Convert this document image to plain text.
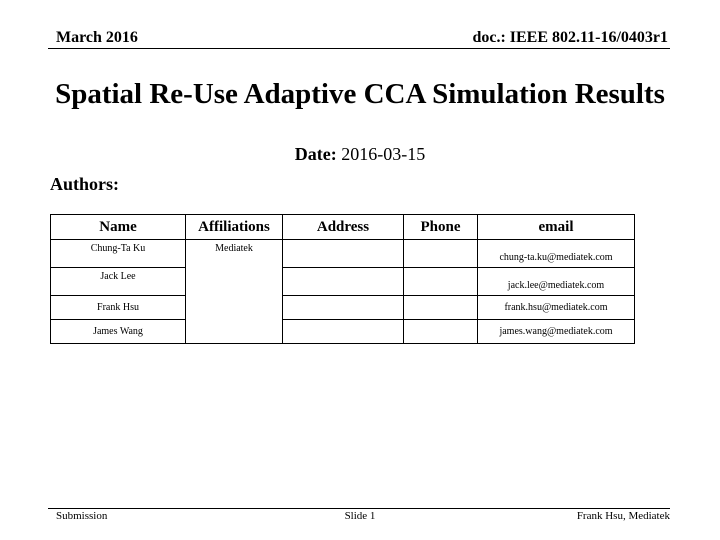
March 2016	doc.: IEEE 802.11-16/0403r1
Spatial Re-Use Adaptive CCA Simulation Results
Date: 2016-03-15
Authors:
Name	Affiliations	Address	Phone	email
Chung-Ta Ku	Mediatek			chung-ta.ku@mediatek.com
Jack Lee				jack.lee@mediatek.com
Frank Hsu				frank.hsu@mediatek.com
James Wang				james.wang@mediatek.com
Submission	Slide 1	Frank Hsu, Mediatek
